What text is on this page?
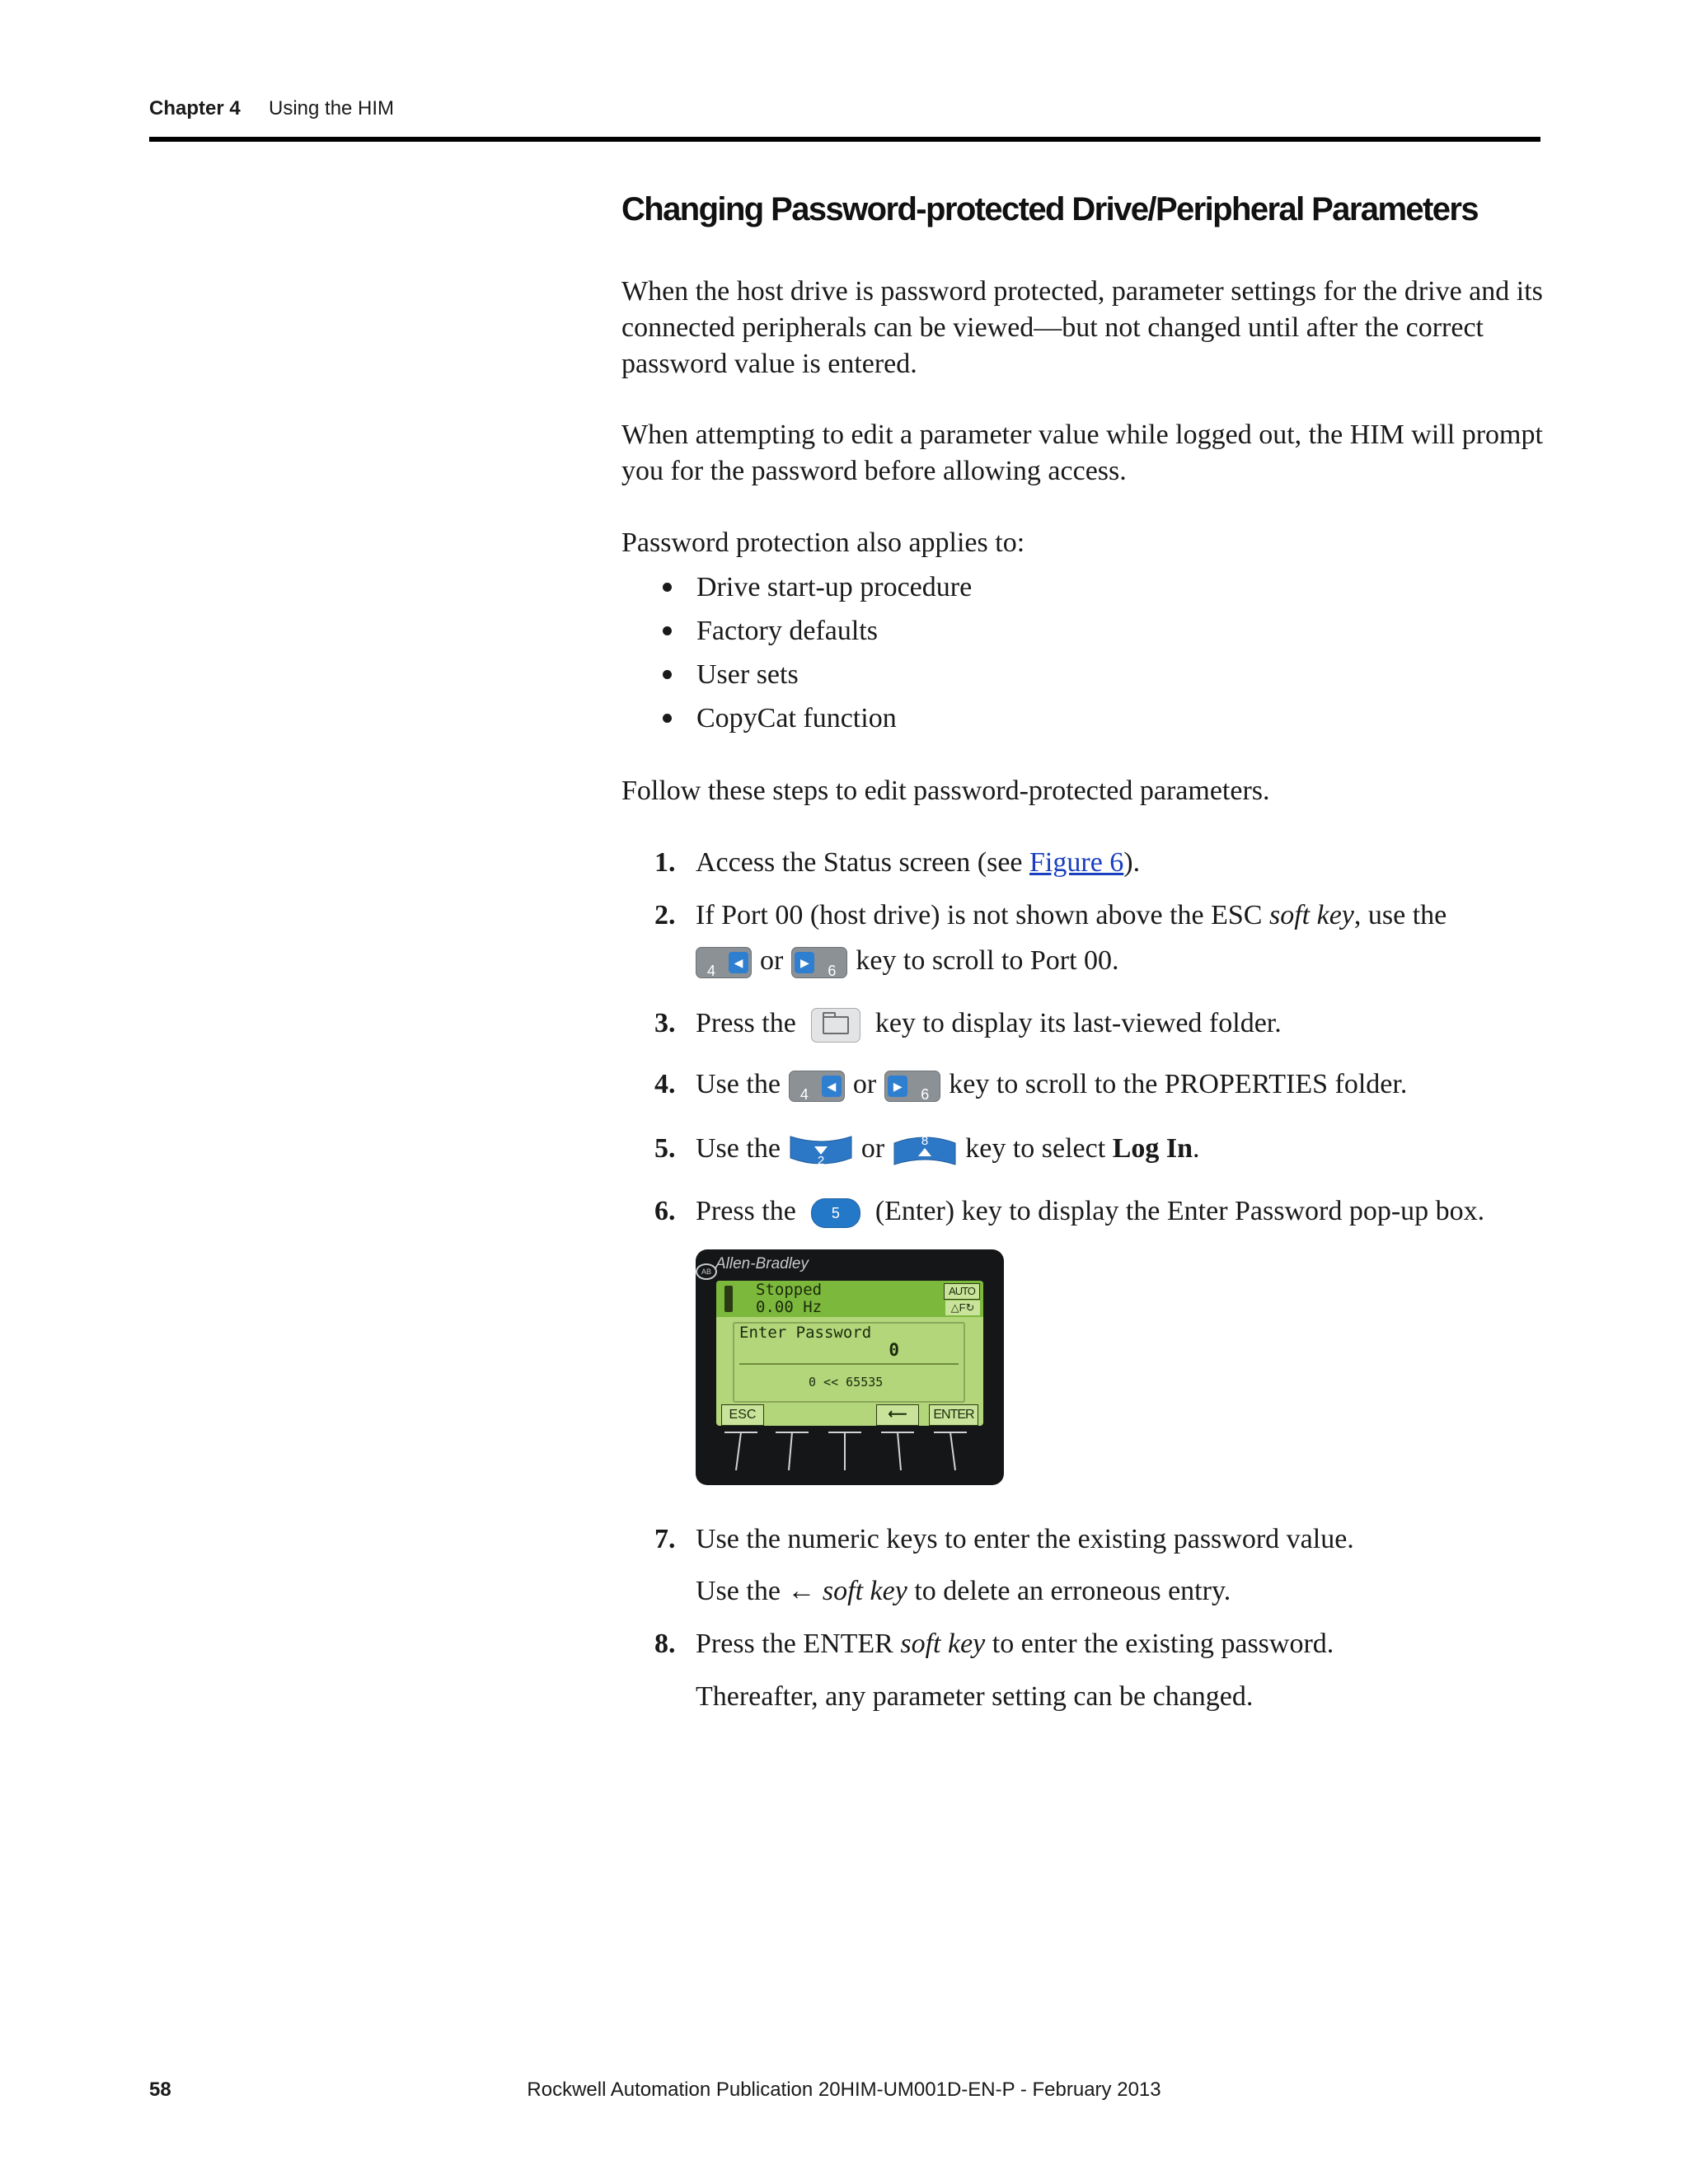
Chapter 4 Using the HIM
Changing Password-protected Drive/Peripheral Parameters

When the host drive is password protected, parameter settings for the drive and its connected peripherals can be viewed—but not changed until after the correct password value is entered.

When attempting to edit a parameter value while logged out, the HIM will prompt you for the password before allowing access.

Password protection also applies to:

Drive start-up procedure
Factory defaults
User sets
CopyCat function

Follow these steps to edit password-protected parameters.

1. Access the Status screen (see Figure 6).
2. If Port 00 (host drive) is not shown above the ESC soft key, use the
4	◀ or	▶	6 key to scroll to Port 00.
3. Press the	key to display its last-viewed folder.
4. Use the 4	◀ or	▶	6 key to scroll to the PROPERTIES folder.
5. Use the	2 or	8 key to select Log In.
6. Press the 5 (Enter) key to display the Enter Password pop-up box.
AB Allen-Bradley
Stopped
0.00 Hz
AUTO
△F↻
Enter Password
0
0 << 65535
ESC	⟵	ENTER
7. Use the numeric keys to enter the existing password value.
Use the ← soft key to delete an erroneous entry.
8. Press the ENTER soft key to enter the existing password.
Thereafter, any parameter setting can be changed.
58	Rockwell Automation Publication 20HIM-UM001D-EN-P - February 2013
